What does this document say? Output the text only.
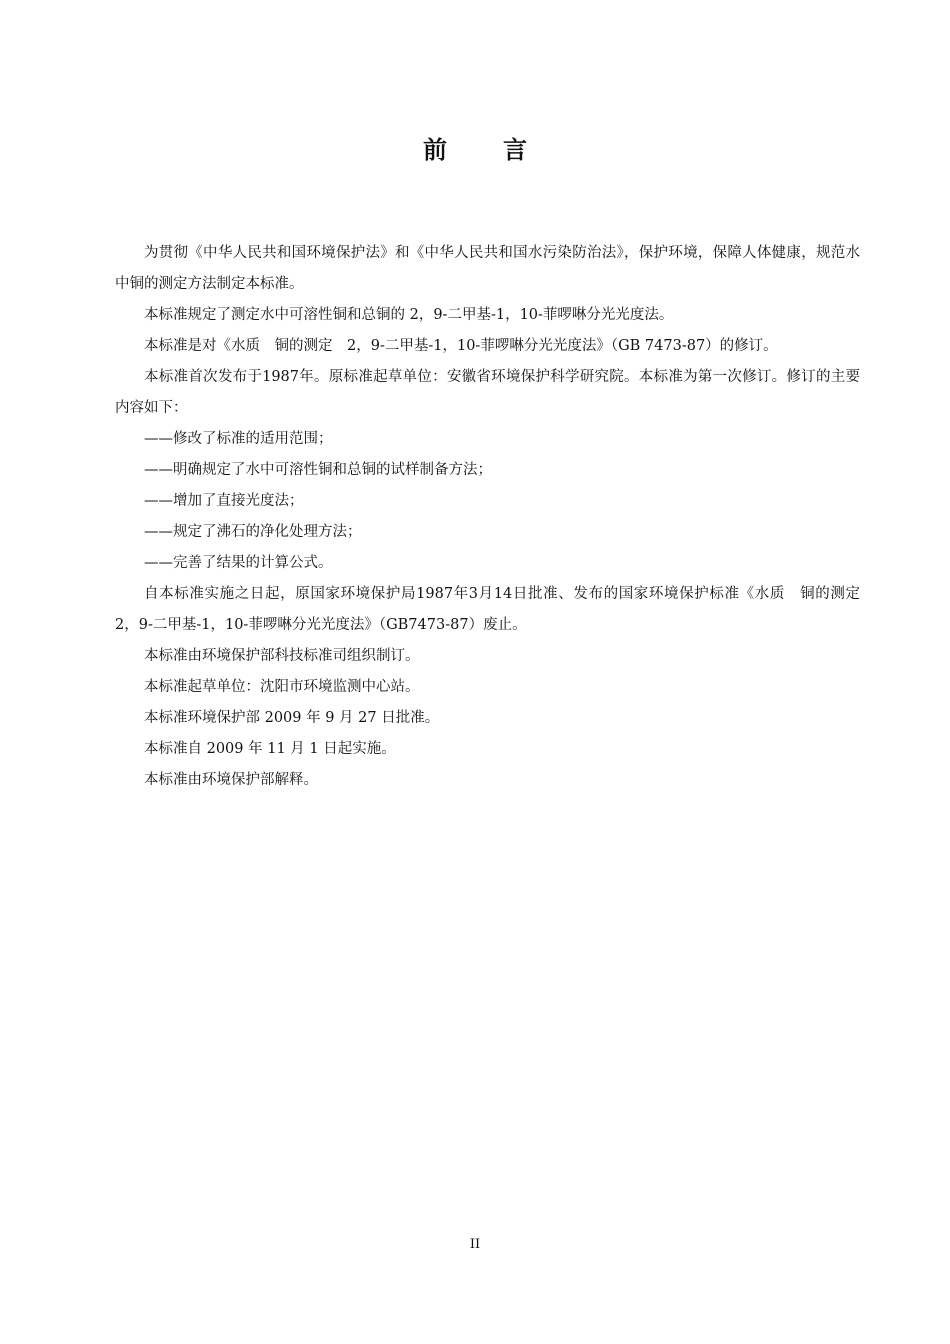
前言

为贯彻《中华人民共和国环境保护法》和《中华人民共和国水污染防治法》，保护环境，保障人体健康，规范水中铜的测定方法制定本标准。

本标准规定了测定水中可溶性铜和总铜的 2，9-二甲基-1，10-菲啰啉分光光度法。

本标准是对《水质　铜的测定　2，9-二甲基-1，10-菲啰啉分光光度法》（GB 7473-87）的修订。

本标准首次发布于1987年。原标准起草单位：安徽省环境保护科学研究院。本标准为第一次修订。修订的主要内容如下：

——修改了标准的适用范围；

——明确规定了水中可溶性铜和总铜的试样制备方法；

——增加了直接光度法；

——规定了沸石的净化处理方法；

——完善了结果的计算公式。

自本标准实施之日起，原国家环境保护局1987年3月14日批准、发布的国家环境保护标准《水质　铜的测定　2，9-二甲基-1，10-菲啰啉分光光度法》（GB7473-87）废止。

本标准由环境保护部科技标准司组织制订。

本标准起草单位：沈阳市环境监测中心站。

本标准环境保护部 2009 年 9 月 27 日批准。

本标准自 2009 年 11 月 1 日起实施。

本标准由环境保护部解释。

II
